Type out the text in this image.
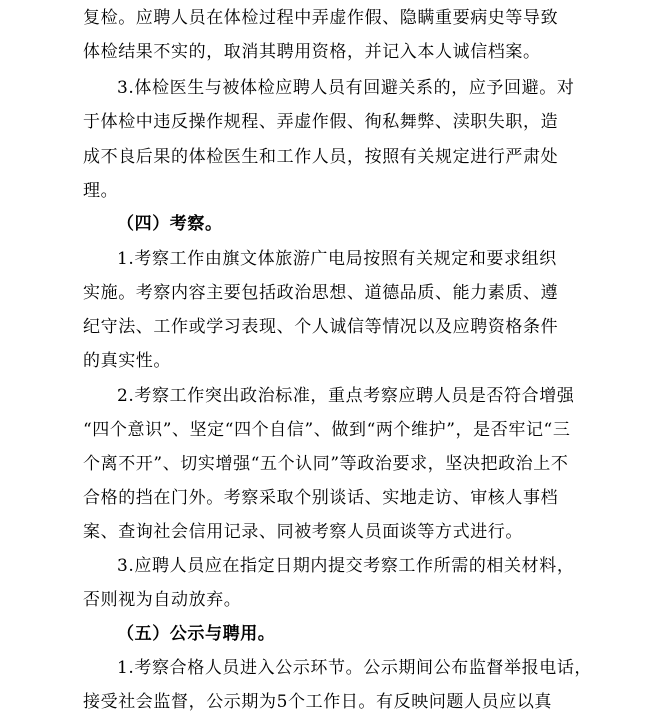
复检。应聘人员在体检过程中弄虚作假、隐瞒重要病史等导致
体检结果不实的，取消其聘用资格，并记入本人诚信档案。
3.体检医生与被体检应聘人员有回避关系的，应予回避。对
于体检中违反操作规程、弄虚作假、徇私舞弊、渎职失职，造
成不良后果的体检医生和工作人员，按照有关规定进行严肃处
理。
（四）考察。
1.考察工作由旗文体旅游广电局按照有关规定和要求组织
实施。考察内容主要包括政治思想、道德品质、能力素质、遵
纪守法、工作或学习表现、个人诚信等情况以及应聘资格条件
的真实性。
2.考察工作突出政治标准，重点考察应聘人员是否符合增强
“四个意识”、坚定“四个自信”、做到“两个维护”，是否牢记“三
个离不开”、切实增强“五个认同”等政治要求，坚决把政治上不
合格的挡在门外。考察采取个别谈话、实地走访、审核人事档
案、查询社会信用记录、同被考察人员面谈等方式进行。
3.应聘人员应在指定日期内提交考察工作所需的相关材料，
否则视为自动放弃。
（五）公示与聘用。
1.考察合格人员进入公示环节。公示期间公布监督举报电话，
接受社会监督，公示期为5个工作日。有反映问题人员应以真
